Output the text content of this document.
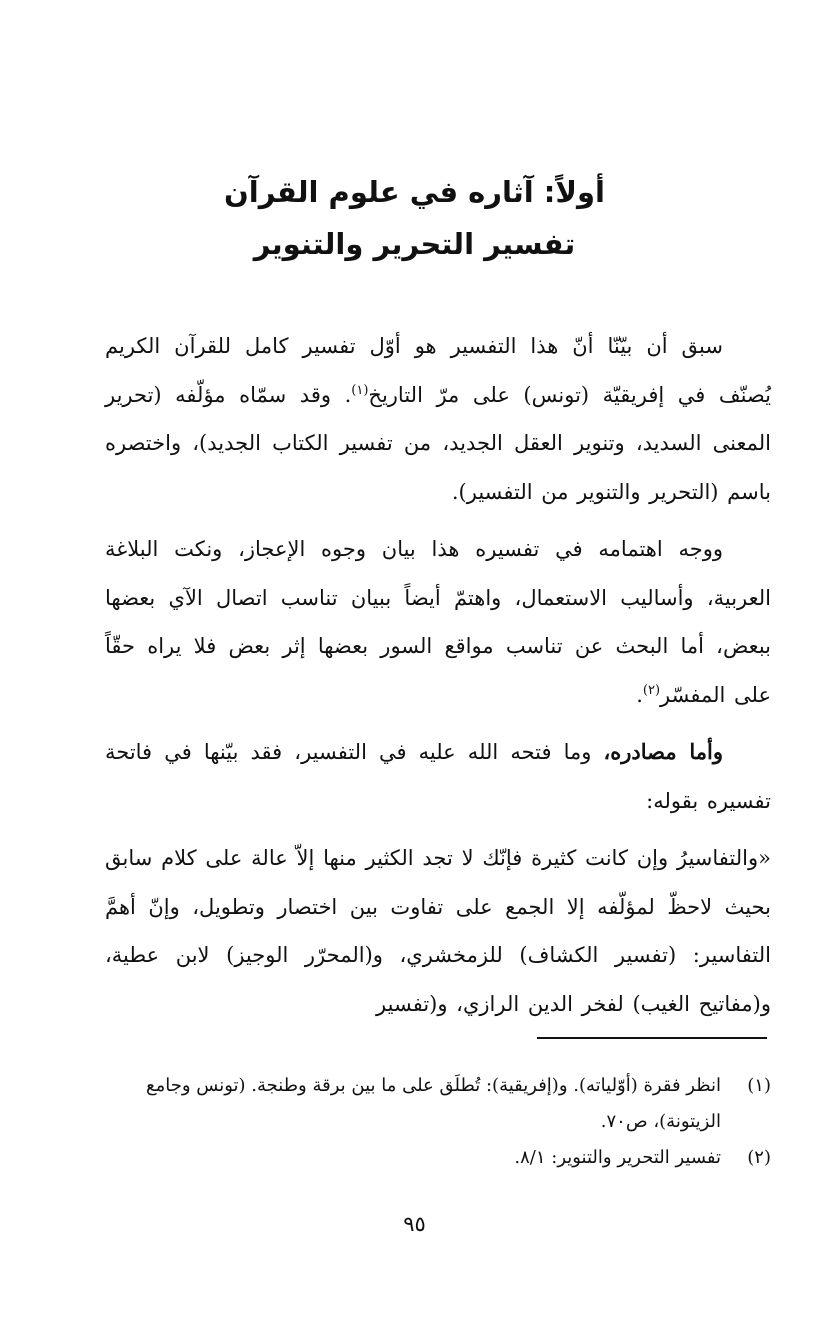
أولاً: آثاره في علوم القرآن
تفسير التحرير والتنوير

سبق أن بيّنّا أنّ هذا التفسير هو أوّل تفسير كامل للقرآن الكريم يُصنّف في إفريقيّة (تونس) على مرّ التاريخ$^{(١)}$. وقد سمّاه مؤلّفه (تحرير المعنى السديد، وتنوير العقل الجديد، من تفسير الكتاب الجديد)، واختصره باسم (التحرير والتنوير من التفسير).

ووجه اهتمامه في تفسيره هذا بيان وجوه الإعجاز، ونكت البلاغة العربية، وأساليب الاستعمال، واهتمّ أيضاً ببيان تناسب اتصال الآي بعضها ببعض، أما البحث عن تناسب مواقع السور بعضها إثر بعض فلا يراه حقّاً على المفسّر$^{(٢)}$.

وأما مصادره، وما فتحه الله عليه في التفسير، فقد بيّنها في فاتحة تفسيره بقوله:

«والتفاسيرُ وإن كانت كثيرة فإنّك لا تجد الكثير منها إلاّ عالة على كلام سابق بحيث لاحظّ لمؤلّفه إلا الجمع على تفاوت بين اختصار وتطويل، وإنّ أهمَّ التفاسير: (تفسير الكشاف) للزمخشري، و(المحرّر الوجيز) لابن عطية، و(مفاتيح الغيب) لفخر الدين الرازي، و(تفسير

(١)
انظر فقرة (أوّلياته). و(إفريقية): تُطلَق على ما بين برقة وطنجة. (تونس وجامع الزيتونة)، ص٧٠.
(٢)
تفسير التحرير والتنوير: ٨/١.
٩٥
